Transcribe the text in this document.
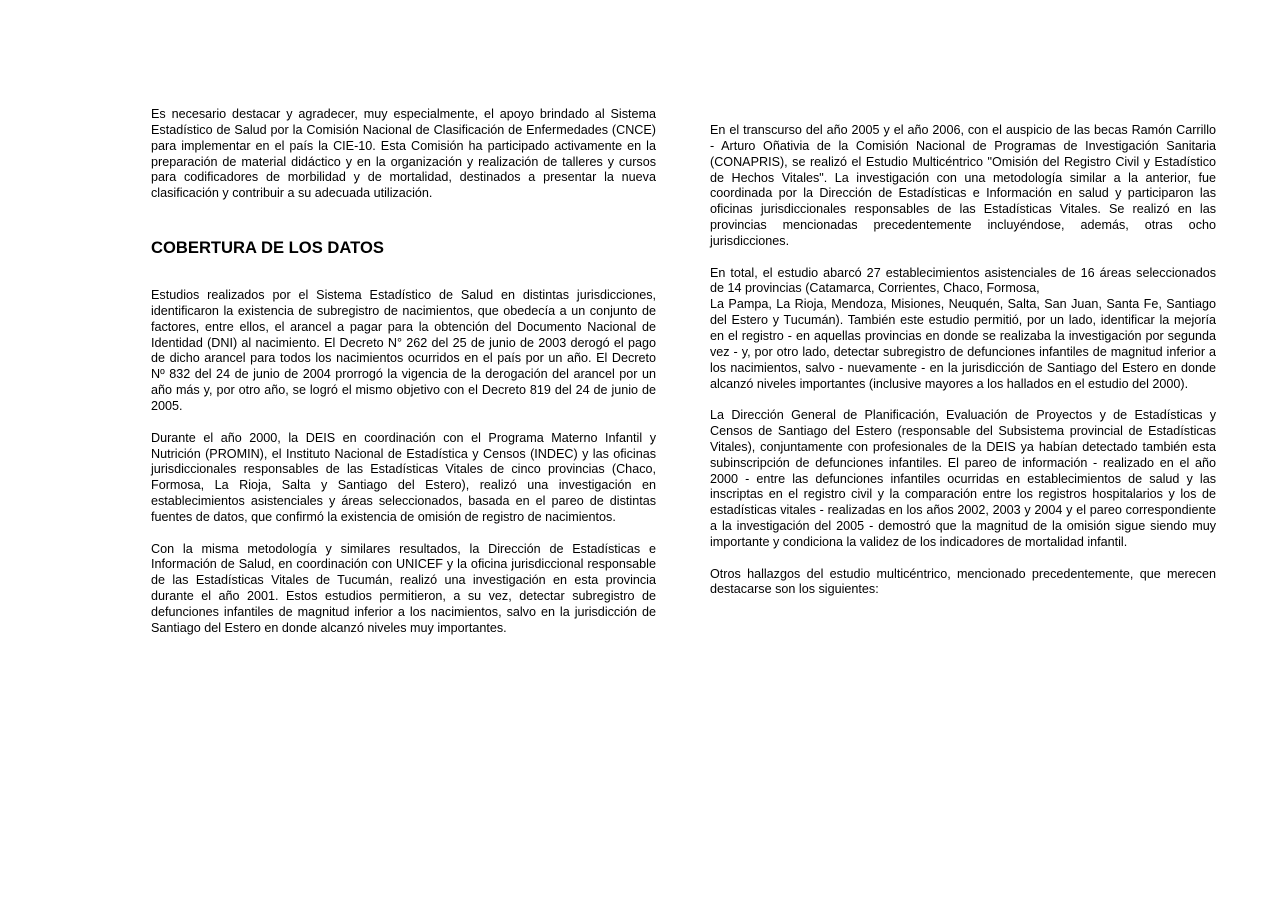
Es necesario destacar y agradecer, muy especialmente, el apoyo brindado al Sistema Estadístico de Salud por la Comisión Nacional de Clasificación de Enfermedades (CNCE) para implementar en el país la CIE-10. Esta Comisión ha participado activamente en la preparación de material didáctico y en la organización y realización de talleres y cursos para codificadores de morbilidad y de mortalidad, destinados a presentar la nueva clasificación y contribuir a su adecuada utilización.

COBERTURA DE LOS DATOS

Estudios realizados por el Sistema Estadístico de Salud en distintas jurisdicciones, identificaron la existencia de subregistro de nacimientos, que obedecía a un conjunto de factores, entre ellos, el arancel a pagar para la obtención del Documento Nacional de Identidad (DNI) al nacimiento. El Decreto N° 262 del 25 de junio de 2003 derogó el pago de dicho arancel para todos los nacimientos ocurridos en el país por un año. El Decreto Nº 832 del 24 de junio de 2004 prorrogó la vigencia de la derogación del arancel por un año más y, por otro año, se logró el mismo objetivo con el Decreto 819 del 24 de junio de 2005.

Durante el año 2000, la DEIS en coordinación con el Programa Materno Infantil y Nutrición (PROMIN), el Instituto Nacional de Estadística y Censos (INDEC) y las oficinas jurisdiccionales responsables de las Estadísticas Vitales de cinco provincias (Chaco, Formosa, La Rioja, Salta y Santiago del Estero), realizó una investigación en establecimientos asistenciales y áreas seleccionados, basada en el pareo de distintas fuentes de datos, que confirmó la existencia de omisión de registro de nacimientos.

Con la misma metodología y similares resultados, la Dirección de Estadísticas e Información de Salud, en coordinación con UNICEF y la oficina jurisdiccional responsable de las Estadísticas Vitales de Tucumán, realizó una investigación en esta provincia durante el año 2001. Estos estudios permitieron, a su vez, detectar subregistro de defunciones infantiles de magnitud inferior a los nacimientos, salvo en la jurisdicción de Santiago del Estero en donde alcanzó niveles muy importantes.

En el transcurso del año 2005 y el año 2006, con el auspicio de las becas Ramón Carrillo - Arturo Oñativia de la Comisión Nacional de Programas de Investigación Sanitaria (CONAPRIS), se realizó el Estudio Multicéntrico "Omisión del Registro Civil y Estadístico de Hechos Vitales". La investigación con una metodología similar a la anterior, fue coordinada por la Dirección de Estadísticas e Información en salud y participaron las oficinas jurisdiccionales responsables de las Estadísticas Vitales. Se realizó en las provincias mencionadas precedentemente incluyéndose, además, otras ocho jurisdicciones.

En total, el estudio abarcó 27 establecimientos asistenciales de 16 áreas seleccionados de 14 provincias (Catamarca, Corrientes, Chaco, Formosa,
La Pampa, La Rioja, Mendoza, Misiones, Neuquén, Salta, San Juan, Santa Fe, Santiago del Estero y Tucumán). También este estudio permitió, por un lado, identificar la mejoría en el registro - en aquellas provincias en donde se realizaba la investigación por segunda vez - y, por otro lado, detectar subregistro de defunciones infantiles de magnitud inferior a los nacimientos, salvo - nuevamente - en la jurisdicción de Santiago del Estero en donde alcanzó niveles importantes (inclusive mayores a los hallados en el estudio del 2000).

La Dirección General de Planificación, Evaluación de Proyectos y de Estadísticas y Censos de Santiago del Estero (responsable del Subsistema provincial de Estadísticas Vitales), conjuntamente con profesionales de la DEIS ya habían detectado también esta subinscripción de defunciones infantiles. El pareo de información - realizado en el año 2000 - entre las defunciones infantiles ocurridas en establecimientos de salud y las inscriptas en el registro civil y la comparación entre los registros hospitalarios y los de estadísticas vitales - realizadas en los años 2002, 2003 y 2004 y el pareo correspondiente a la investigación del 2005 - demostró que la magnitud de la omisión sigue siendo muy importante y condiciona la validez de los indicadores de mortalidad infantil.

Otros hallazgos del estudio multicéntrico, mencionado precedentemente, que merecen destacarse son los siguientes:
